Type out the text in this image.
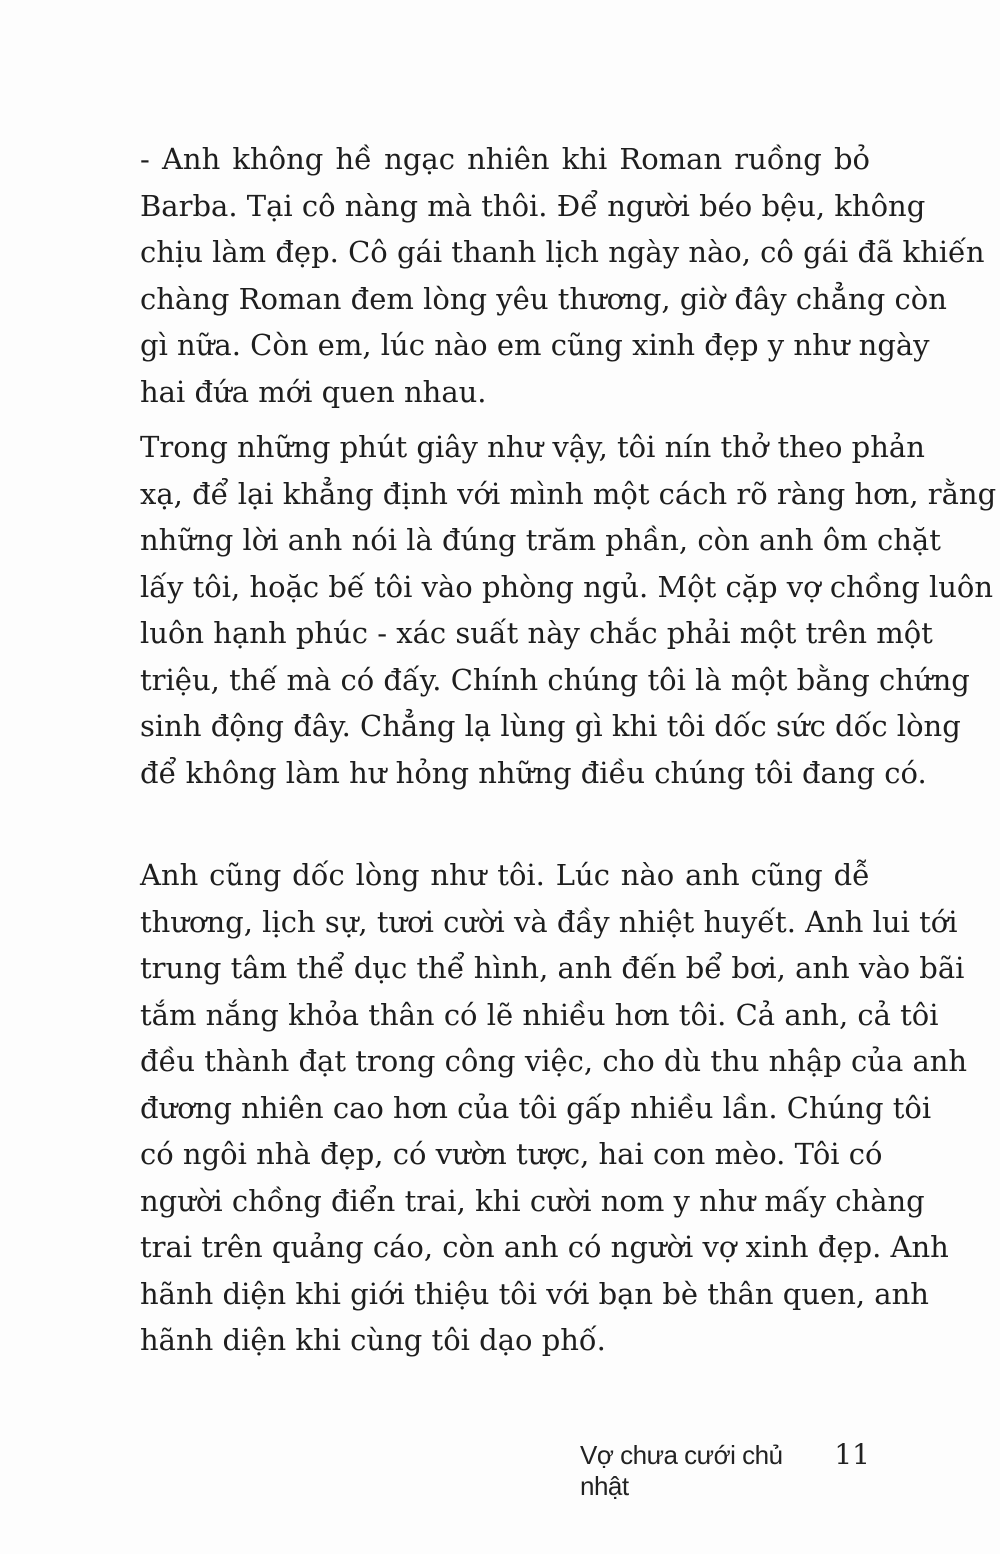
- Anh không hề ngạc nhiên khi Roman ruồng bỏ
Barba. Tại cô nàng mà thôi. Để người béo bệu, không
chịu làm đẹp. Cô gái thanh lịch ngày nào, cô gái đã khiến
chàng Roman đem lòng yêu thương, giờ đây chẳng còn
gì nữa. Còn em, lúc nào em cũng xinh đẹp y như ngày
hai đứa mới quen nhau.
Trong những phút giây như vậy, tôi nín thở theo phản
xạ, để lại khẳng định với mình một cách rõ ràng hơn, rằng
những lời anh nói là đúng trăm phần, còn anh ôm chặt
lấy tôi, hoặc bế tôi vào phòng ngủ. Một cặp vợ chồng luôn
luôn hạnh phúc - xác suất này chắc phải một trên một
triệu, thế mà có đấy. Chính chúng tôi là một bằng chứng
sinh động đây. Chẳng lạ lùng gì khi tôi dốc sức dốc lòng
để không làm hư hỏng những điều chúng tôi đang có.
Anh cũng dốc lòng như tôi. Lúc nào anh cũng dễ
thương, lịch sự, tươi cười và đầy nhiệt huyết. Anh lui tới
trung tâm thể dục thể hình, anh đến bể bơi, anh vào bãi
tắm nắng khỏa thân có lẽ nhiều hơn tôi. Cả anh, cả tôi
đều thành đạt trong công việc, cho dù thu nhập của anh
đương nhiên cao hơn của tôi gấp nhiều lần. Chúng tôi
có ngôi nhà đẹp, có vườn tược, hai con mèo. Tôi có
người chồng điển trai, khi cười nom y như mấy chàng
trai trên quảng cáo, còn anh có người vợ xinh đẹp. Anh
hãnh diện khi giới thiệu tôi với bạn bè thân quen, anh
hãnh diện khi cùng tôi dạo phố.
Vợ chưa cưới chủ nhật
11
